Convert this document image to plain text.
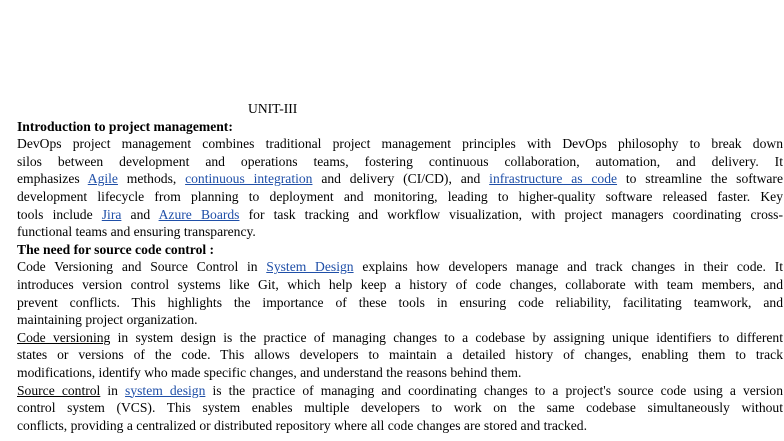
UNIT-III
Introduction to project management:
DevOps project management combines traditional project management principles with DevOps philosophy to break down
silos between development and operations teams, fostering continuous collaboration, automation, and delivery. It
emphasizes Agile methods, continuous integration and delivery (CI/CD), and infrastructure as code to streamline the software
development lifecycle from planning to deployment and monitoring, leading to higher-quality software released faster. Key
tools include Jira and Azure Boards for task tracking and workflow visualization, with project managers coordinating cross-
functional teams and ensuring transparency.
The need for source code control :
Code Versioning and Source Control in System Design explains how developers manage and track changes in their code. It
introduces version control systems like Git, which help keep a history of code changes, collaborate with team members, and
prevent conflicts. This highlights the importance of these tools in ensuring code reliability, facilitating teamwork, and
maintaining project organization.
Code versioning in system design is the practice of managing changes to a codebase by assigning unique identifiers to different
states or versions of the code. This allows developers to maintain a detailed history of changes, enabling them to track
modifications, identify who made specific changes, and understand the reasons behind them.
Source control in system design is the practice of managing and coordinating changes to a project's source code using a version
control system (VCS). This system enables multiple developers to work on the same codebase simultaneously without
conflicts, providing a centralized or distributed repository where all code changes are stored and tracked.
